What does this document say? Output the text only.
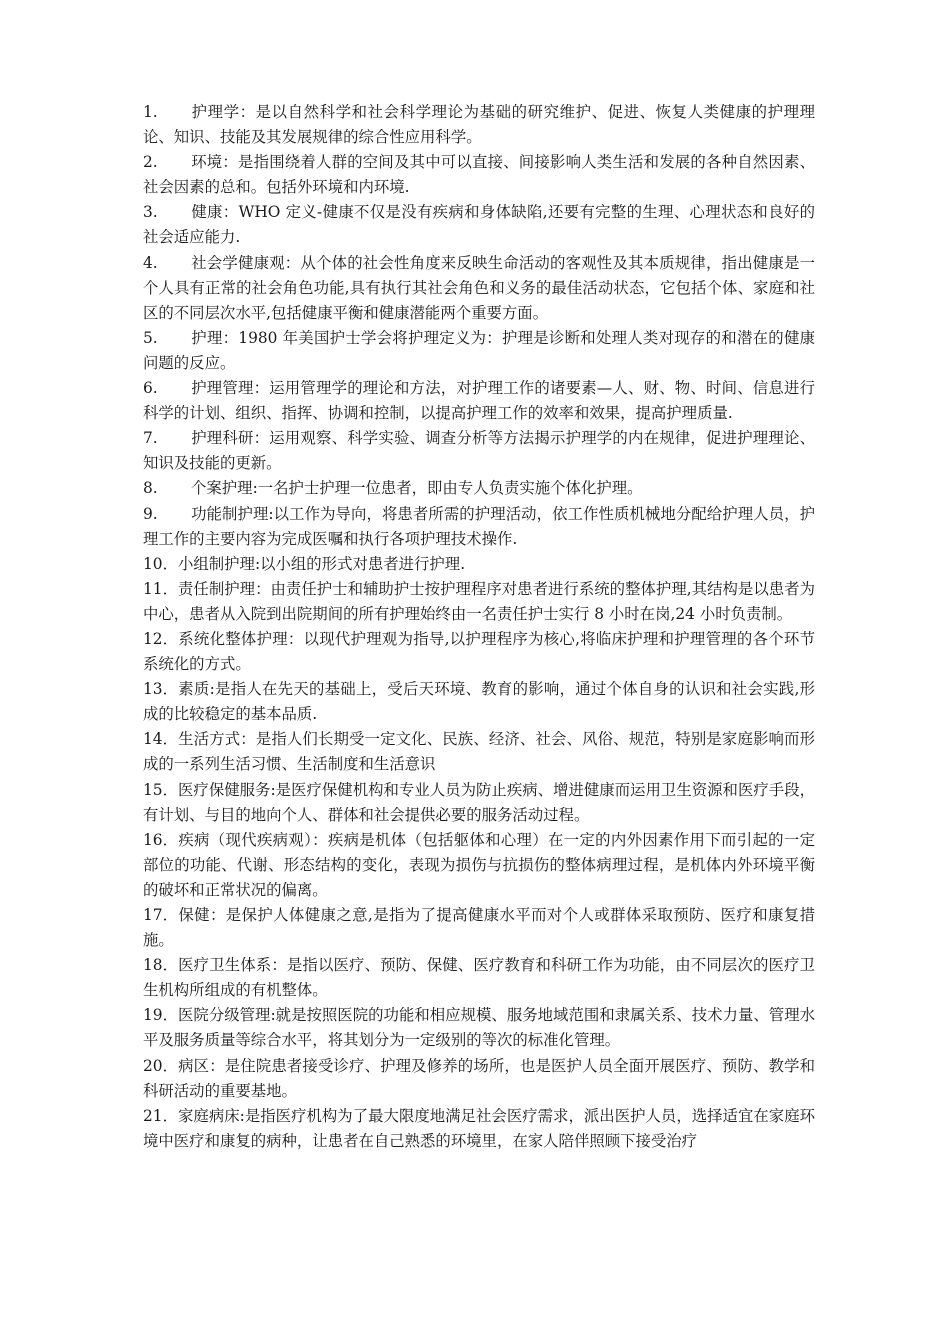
1. 护理学：是以自然科学和社会科学理论为基础的研究维护、促进、恢复人类健康的护理理论、知识、技能及其发展规律的综合性应用科学。

2. 环境：是指围绕着人群的空间及其中可以直接、间接影响人类生活和发展的各种自然因素、社会因素的总和。包括外环境和内环境.

3. 健康：WHO 定义-健康不仅是没有疾病和身体缺陷,还要有完整的生理、心理状态和良好的社会适应能力.

4. 社会学健康观：从个体的社会性角度来反映生命活动的客观性及其本质规律，指出健康是一个人具有正常的社会角色功能,具有执行其社会角色和义务的最佳活动状态，它包括个体、家庭和社区的不同层次水平,包括健康平衡和健康潜能两个重要方面。

5. 护理：1980 年美国护士学会将护理定义为：护理是诊断和处理人类对现存的和潜在的健康问题的反应。

6. 护理管理：运用管理学的理论和方法，对护理工作的诸要素—人、财、物、时间、信息进行科学的计划、组织、指挥、协调和控制，以提高护理工作的效率和效果，提高护理质量.

7. 护理科研：运用观察、科学实验、调查分析等方法揭示护理学的内在规律，促进护理理论、知识及技能的更新。

8. 个案护理:一名护士护理一位患者，即由专人负责实施个体化护理。

9. 功能制护理:以工作为导向，将患者所需的护理活动，依工作性质机械地分配给护理人员，护理工作的主要内容为完成医嘱和执行各项护理技术操作.

10．小组制护理:以小组的形式对患者进行护理.

11．责任制护理：由责任护士和辅助护士按护理程序对患者进行系统的整体护理,其结构是以患者为中心，患者从入院到出院期间的所有护理始终由一名责任护士实行 8 小时在岗,24 小时负责制。

12．系统化整体护理：以现代护理观为指导,以护理程序为核心,将临床护理和护理管理的各个环节系统化的方式。

13．素质:是指人在先天的基础上，受后天环境、教育的影响，通过个体自身的认识和社会实践,形成的比较稳定的基本品质.

14．生活方式：是指人们长期受一定文化、民族、经济、社会、风俗、规范，特别是家庭影响而形成的一系列生活习惯、生活制度和生活意识

15．医疗保健服务:是医疗保健机构和专业人员为防止疾病、增进健康而运用卫生资源和医疗手段，有计划、与目的地向个人、群体和社会提供必要的服务活动过程。

16．疾病（现代疾病观）：疾病是机体（包括躯体和心理）在一定的内外因素作用下而引起的一定部位的功能、代谢、形态结构的变化，表现为损伤与抗损伤的整体病理过程，是机体内外环境平衡的破坏和正常状况的偏离。

17．保健：是保护人体健康之意,是指为了提高健康水平而对个人或群体采取预防、医疗和康复措施。

18．医疗卫生体系：是指以医疗、预防、保健、医疗教育和科研工作为功能，由不同层次的医疗卫生机构所组成的有机整体。

19．医院分级管理:就是按照医院的功能和相应规模、服务地域范围和隶属关系、技术力量、管理水平及服务质量等综合水平，将其划分为一定级别的等次的标准化管理。

20．病区：是住院患者接受诊疗、护理及修养的场所，也是医护人员全面开展医疗、预防、教学和科研活动的重要基地。

21．家庭病床:是指医疗机构为了最大限度地满足社会医疗需求，派出医护人员，选择适宜在家庭环境中医疗和康复的病种，让患者在自己熟悉的环境里，在家人陪伴照顾下接受治疗
